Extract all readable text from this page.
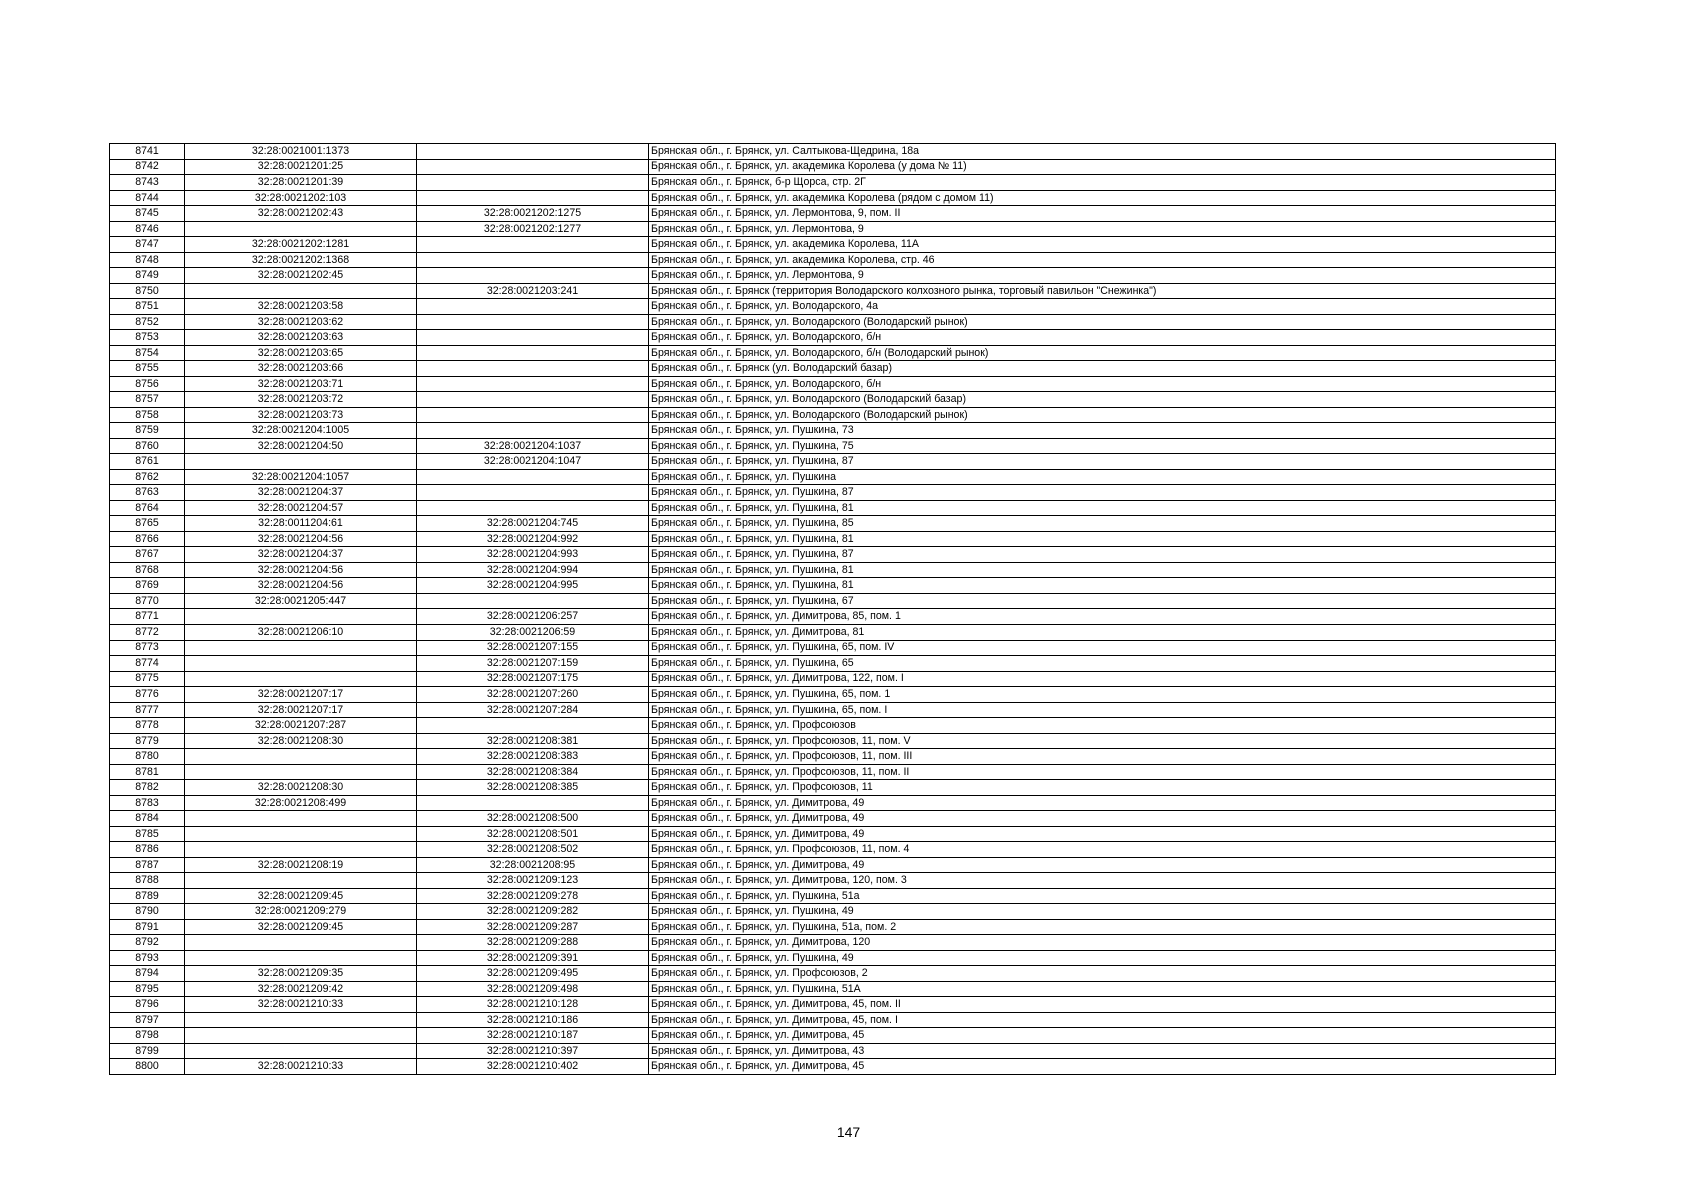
8741	32:28:0021001:1373		Брянская обл., г. Брянск, ул. Салтыкова-Щедрина, 18а
8742	32:28:0021201:25		Брянская обл., г. Брянск, ул. академика Королева (у дома № 11)
8743	32:28:0021201:39		Брянская обл., г. Брянск, б-р Щорса, стр. 2Г
8744	32:28:0021202:103		Брянская обл., г. Брянск, ул. академика Королева (рядом с домом 11)
8745	32:28:0021202:43	32:28:0021202:1275	Брянская обл., г. Брянск, ул. Лермонтова, 9, пом. II
8746		32:28:0021202:1277	Брянская обл., г. Брянск, ул. Лермонтова, 9
8747	32:28:0021202:1281		Брянская обл., г. Брянск, ул. академика Королева, 11А
8748	32:28:0021202:1368		Брянская обл., г. Брянск, ул. академика Королева, стр. 46
8749	32:28:0021202:45		Брянская обл., г. Брянск, ул. Лермонтова, 9
8750		32:28:0021203:241	Брянская обл., г. Брянск (территория Володарского колхозного рынка, торговый павильон "Снежинка")
8751	32:28:0021203:58		Брянская обл., г. Брянск, ул. Володарского, 4а
8752	32:28:0021203:62		Брянская обл., г. Брянск, ул. Володарского (Володарский рынок)
8753	32:28:0021203:63		Брянская обл., г. Брянск, ул. Володарского, б/н
8754	32:28:0021203:65		Брянская обл., г. Брянск, ул. Володарского, б/н (Володарский рынок)
8755	32:28:0021203:66		Брянская обл., г. Брянск (ул. Володарский базар)
8756	32:28:0021203:71		Брянская обл., г. Брянск, ул. Володарского, б/н
8757	32:28:0021203:72		Брянская обл., г. Брянск, ул. Володарского (Володарский базар)
8758	32:28:0021203:73		Брянская обл., г. Брянск, ул. Володарского (Володарский рынок)
8759	32:28:0021204:1005		Брянская обл., г. Брянск, ул. Пушкина, 73
8760	32:28:0021204:50	32:28:0021204:1037	Брянская обл., г. Брянск, ул. Пушкина, 75
8761		32:28:0021204:1047	Брянская обл., г. Брянск, ул. Пушкина, 87
8762	32:28:0021204:1057		Брянская обл., г. Брянск, ул. Пушкина
8763	32:28:0021204:37		Брянская обл., г. Брянск, ул. Пушкина, 87
8764	32:28:0021204:57		Брянская обл., г. Брянск, ул. Пушкина, 81
8765	32:28:0011204:61	32:28:0021204:745	Брянская обл., г. Брянск, ул. Пушкина, 85
8766	32:28:0021204:56	32:28:0021204:992	Брянская обл., г. Брянск, ул. Пушкина, 81
8767	32:28:0021204:37	32:28:0021204:993	Брянская обл., г. Брянск, ул. Пушкина, 87
8768	32:28:0021204:56	32:28:0021204:994	Брянская обл., г. Брянск, ул. Пушкина, 81
8769	32:28:0021204:56	32:28:0021204:995	Брянская обл., г. Брянск, ул. Пушкина, 81
8770	32:28:0021205:447		Брянская обл., г. Брянск, ул. Пушкина, 67
8771		32:28:0021206:257	Брянская обл., г. Брянск, ул. Димитрова, 85, пом. 1
8772	32:28:0021206:10	32:28:0021206:59	Брянская обл., г. Брянск, ул. Димитрова, 81
8773		32:28:0021207:155	Брянская обл., г. Брянск, ул. Пушкина, 65, пом. IV
8774		32:28:0021207:159	Брянская обл., г. Брянск, ул. Пушкина, 65
8775		32:28:0021207:175	Брянская обл., г. Брянск, ул. Димитрова, 122, пом. I
8776	32:28:0021207:17	32:28:0021207:260	Брянская обл., г. Брянск, ул. Пушкина, 65, пом. 1
8777	32:28:0021207:17	32:28:0021207:284	Брянская обл., г. Брянск, ул. Пушкина, 65, пом. I
8778	32:28:0021207:287		Брянская обл., г. Брянск, ул. Профсоюзов
8779	32:28:0021208:30	32:28:0021208:381	Брянская обл., г. Брянск, ул. Профсоюзов, 11, пом. V
8780		32:28:0021208:383	Брянская обл., г. Брянск, ул. Профсоюзов, 11, пом. III
8781		32:28:0021208:384	Брянская обл., г. Брянск, ул. Профсоюзов, 11, пом. II
8782	32:28:0021208:30	32:28:0021208:385	Брянская обл., г. Брянск, ул. Профсоюзов, 11
8783	32:28:0021208:499		Брянская обл., г. Брянск, ул. Димитрова, 49
8784		32:28:0021208:500	Брянская обл., г. Брянск, ул. Димитрова, 49
8785		32:28:0021208:501	Брянская обл., г. Брянск, ул. Димитрова, 49
8786		32:28:0021208:502	Брянская обл., г. Брянск, ул. Профсоюзов, 11, пом. 4
8787	32:28:0021208:19	32:28:0021208:95	Брянская обл., г. Брянск, ул. Димитрова, 49
8788		32:28:0021209:123	Брянская обл., г. Брянск, ул. Димитрова, 120, пом. 3
8789	32:28:0021209:45	32:28:0021209:278	Брянская обл., г. Брянск, ул. Пушкина, 51а
8790	32:28:0021209:279	32:28:0021209:282	Брянская обл., г. Брянск, ул. Пушкина, 49
8791	32:28:0021209:45	32:28:0021209:287	Брянская обл., г. Брянск, ул. Пушкина, 51а, пом. 2
8792		32:28:0021209:288	Брянская обл., г. Брянск, ул. Димитрова, 120
8793		32:28:0021209:391	Брянская обл., г. Брянск, ул. Пушкина, 49
8794	32:28:0021209:35	32:28:0021209:495	Брянская обл., г. Брянск, ул. Профсоюзов, 2
8795	32:28:0021209:42	32:28:0021209:498	Брянская обл., г. Брянск, ул. Пушкина, 51А
8796	32:28:0021210:33	32:28:0021210:128	Брянская обл., г. Брянск, ул. Димитрова, 45, пом. II
8797		32:28:0021210:186	Брянская обл., г. Брянск, ул. Димитрова, 45, пом. I
8798		32:28:0021210:187	Брянская обл., г. Брянск, ул. Димитрова, 45
8799		32:28:0021210:397	Брянская обл., г. Брянск, ул. Димитрова, 43
8800	32:28:0021210:33	32:28:0021210:402	Брянская обл., г. Брянск, ул. Димитрова, 45
147
